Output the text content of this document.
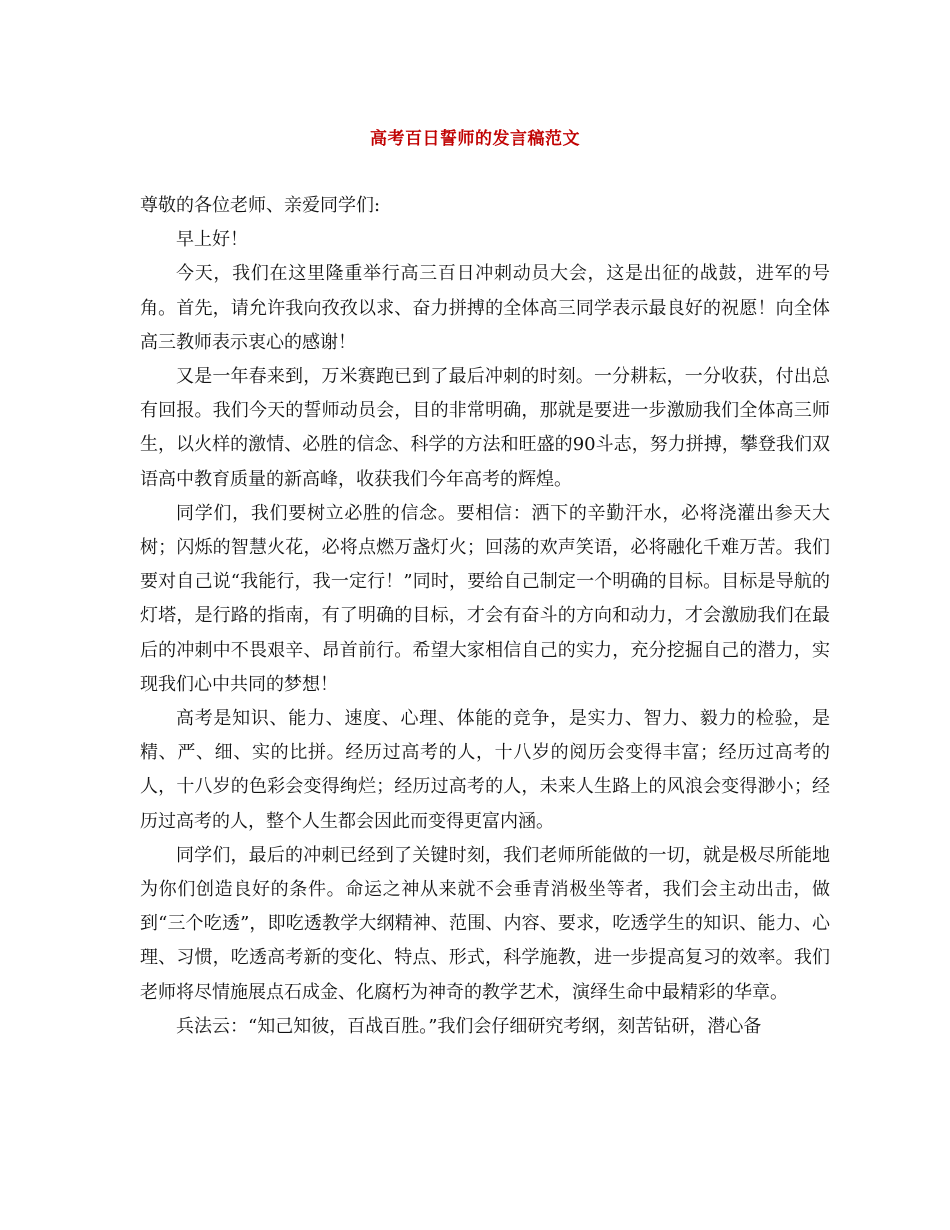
高考百日誓师的发言稿范文

尊敬的各位老师、亲爱同学们:

早上好！

今天，我们在这里隆重举行高三百日冲刺动员大会，这是出征的战鼓，进军的号角。首先，请允许我向孜孜以求、奋力拼搏的全体高三同学表示最良好的祝愿！向全体高三教师表示衷心的感谢！

又是一年春来到，万米赛跑已到了最后冲刺的时刻。一分耕耘，一分收获，付出总有回报。我们今天的誓师动员会，目的非常明确，那就是要进一步激励我们全体高三师生，以火样的激情、必胜的信念、科学的方法和旺盛的90斗志，努力拼搏，攀登我们双语高中教育质量的新高峰，收获我们今年高考的辉煌。

同学们，我们要树立必胜的信念。要相信：洒下的辛勤汗水，必将浇灌出参天大树；闪烁的智慧火花，必将点燃万盏灯火；回荡的欢声笑语，必将融化千难万苦。我们要对自己说“我能行，我一定行！”同时，要给自己制定一个明确的目标。目标是导航的灯塔，是行路的指南，有了明确的目标，才会有奋斗的方向和动力，才会激励我们在最后的冲刺中不畏艰辛、昂首前行。希望大家相信自己的实力，充分挖掘自己的潜力，实现我们心中共同的梦想！

高考是知识、能力、速度、心理、体能的竞争，是实力、智力、毅力的检验，是精、严、细、实的比拼。经历过高考的人，十八岁的阅历会变得丰富；经历过高考的人，十八岁的色彩会变得绚烂；经历过高考的人，未来人生路上的风浪会变得渺小；经历过高考的人，整个人生都会因此而变得更富内涵。

同学们，最后的冲刺已经到了关键时刻，我们老师所能做的一切，就是极尽所能地为你们创造良好的条件。命运之神从来就不会垂青消极坐等者，我们会主动出击，做到“三个吃透”，即吃透教学大纲精神、范围、内容、要求，吃透学生的知识、能力、心理、习惯，吃透高考新的变化、特点、形式，科学施教，进一步提高复习的效率。我们老师将尽情施展点石成金、化腐朽为神奇的教学艺术，演绎生命中最精彩的华章。

兵法云：“知己知彼，百战百胜。”我们会仔细研究考纲，刻苦钻研，潜心备
